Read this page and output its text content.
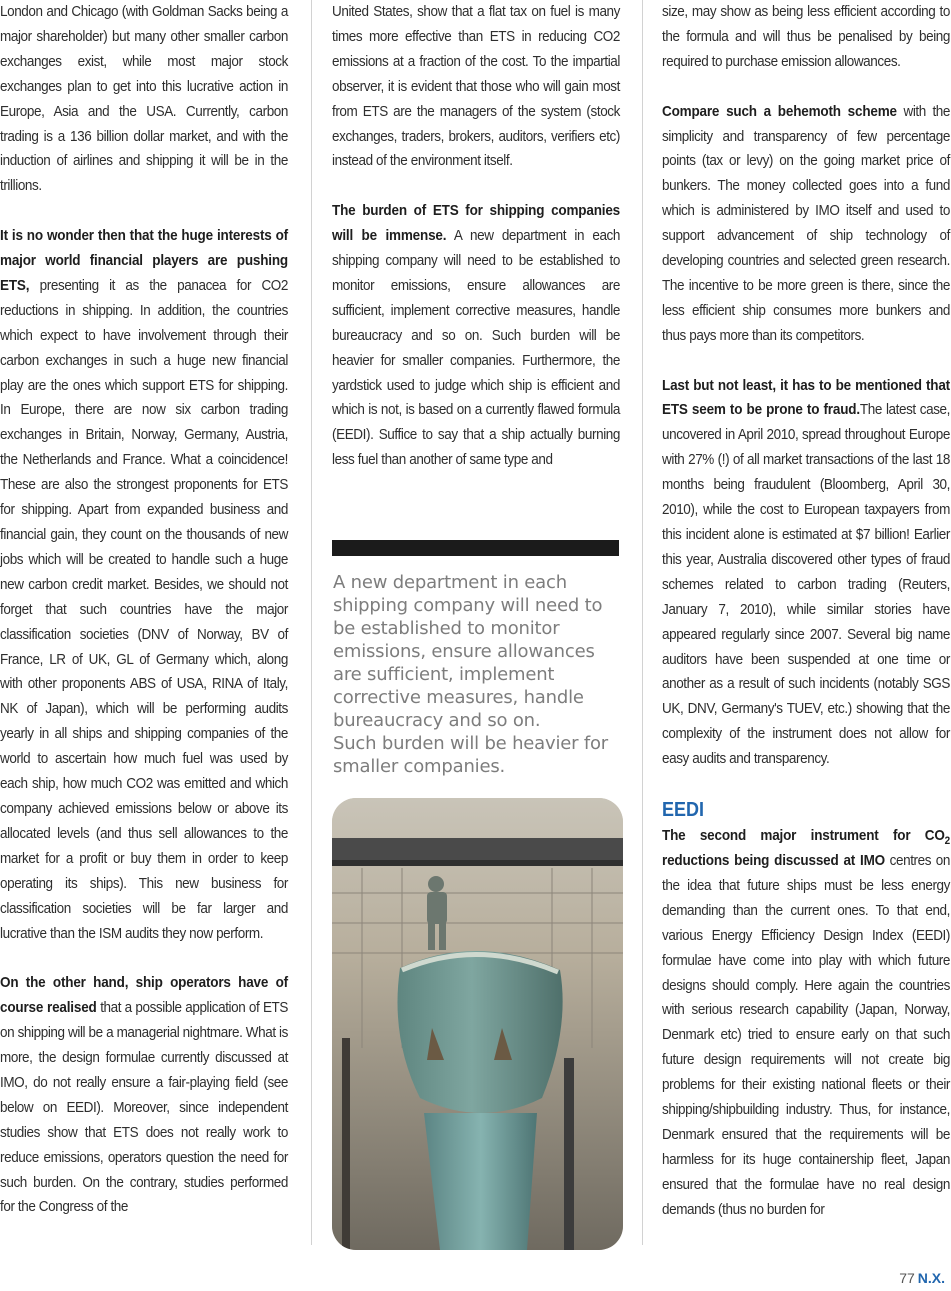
London and Chicago (with Goldman Sacks being a major shareholder) but many other smaller carbon exchanges exist, while most major stock exchanges plan to get into this lucrative action in Europe, Asia and the USA. Currently, carbon trading is a 136 billion dollar market, and with the induction of airlines and shipping it will be in the trillions.

It is no wonder then that the huge interests of major world financial players are pushing ETS, presenting it as the panacea for CO2 reductions in shipping. In addition, the countries which expect to have involvement through their carbon exchanges in such a huge new financial play are the ones which support ETS for shipping. In Europe, there are now six carbon trading exchanges in Britain, Norway, Germany, Austria, the Netherlands and France. What a coincidence! These are also the strongest proponents for ETS for shipping. Apart from expanded business and financial gain, they count on the thousands of new jobs which will be created to handle such a huge new carbon credit market. Besides, we should not forget that such countries have the major classification societies (DNV of Norway, BV of France, LR of UK, GL of Germany which, along with other proponents ABS of USA, RINA of Italy, NK of Japan), which will be performing audits yearly in all ships and shipping companies of the world to ascertain how much fuel was used by each ship, how much CO2 was emitted and which company achieved emissions below or above its allocated levels (and thus sell allowances to the market for a profit or buy them in order to keep operating its ships). This new business for classification societies will be far larger and lucrative than the ISM audits they now perform.

On the other hand, ship operators have of course realised that a possible application of ETS on shipping will be a managerial nightmare. What is more, the design formulae currently discussed at IMO, do not really ensure a fair-playing field (see below on EEDI). Moreover, since independent studies show that ETS does not really work to reduce emissions, operators question the need for such burden. On the contrary, studies performed for the Congress of the

United States, show that a flat tax on fuel is many times more effective than ETS in reducing CO2 emissions at a fraction of the cost. To the impartial observer, it is evident that those who will gain most from ETS are the managers of the system (stock exchanges, traders, brokers, auditors, verifiers etc) instead of the environment itself.

The burden of ETS for shipping companies will be immense. A new department in each shipping company will need to be established to monitor emissions, ensure allowances are sufficient, implement corrective measures, handle bureaucracy and so on. Such burden will be heavier for smaller companies. Furthermore, the yardstick used to judge which ship is efficient and which is not, is based on a currently flawed formula (EEDI). Suffice to say that a ship actually burning less fuel than another of same type and

A new department in each shipping company will need to be established to monitor emissions, ensure allowances are sufficient, implement corrective measures, handle bureaucracy and so on.
Such burden will be heavier for smaller companies.

size, may show as being less efficient according to the formula and will thus be penalised by being required to purchase emission allowances.

Compare such a behemoth scheme with the simplicity and transparency of few percentage points (tax or levy) on the going market price of bunkers. The money collected goes into a fund which is administered by IMO itself and used to support advancement of ship technology of developing countries and selected green research. The incentive to be more green is there, since the less efficient ship consumes more bunkers and thus pays more than its competitors.

Last but not least, it has to be mentioned that ETS seem to be prone to fraud.The latest case, uncovered in April 2010, spread throughout Europe with 27% (!) of all market transactions of the last 18 months being fraudulent (Bloomberg, April 30, 2010), while the cost to European taxpayers from this incident alone is estimated at $7 billion! Earlier this year, Australia discovered other types of fraud schemes related to carbon trading (Reuters, January 7, 2010), while similar stories have appeared regularly since 2007. Several big name auditors have been suspended at one time or another as a result of such incidents (notably SGS UK, DNV, Germany's TUEV, etc.) showing that the complexity of the instrument does not allow for easy audits and transparency.

EEDI

The second major instrument for $CO_2$ reductions being discussed at IMO centres on the idea that future ships must be less energy demanding than the current ones. To that end, various Energy Efficiency Design Index (EEDI) formulae have come into play with which future designs should comply. Here again the countries with serious research capability (Japan, Norway, Denmark etc) tried to ensure early on that such future design requirements will not create big problems for their existing national fleets or their shipping/shipbuilding industry. Thus, for instance, Denmark ensured that the requirements will be harmless for its huge containership fleet, Japan ensured that the formulae have no real design demands (thus no burden for

77 N.X.
